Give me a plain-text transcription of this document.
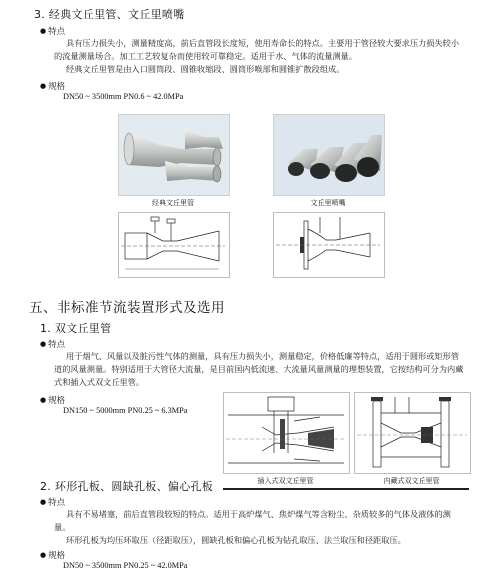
3. 经典文丘里管、文丘里喷嘴
● 特点
具有压力损失小，测量精度高，前后直管段长度短，使用寿命长的特点。主要用于管径较大要求压力损失较小的流量测量场合。加工工艺较复杂而使用较可靠稳定。适用于水、气体的流量测量。
经典文丘里管是由入口圆筒段、圆锥收缩段、圆筒形喉部和圆锥扩散段组成。
● 规格
DN50 ~ 3500mm PN0.6 ~ 42.0MPa
经典文丘里管	文丘里喷嘴
五、非标准节流装置形式及选用
1. 双文丘里管
● 特点
用于烟气、风量以及脏污性气体的测量，具有压力损失小，测量稳定，价格低廉等特点，适用于圆形或矩形管道的风量测量。特别适用于大管径大流量，是目前国内低流速、大流量风量测量的理想装置，它按结构可分为内藏式和插入式双文丘里管。
● 规格
DN150 ~ 5000mm PN0.25 ~ 6.3MPa
插入式双文丘里管	内藏式双文丘里管
2. 环形孔板、圆缺孔板、偏心孔板
● 特点
具有不易堵塞，前后直管段较短的特点。适用于高炉煤气、焦炉煤气等含粉尘、杂质较多的气体及液体的测量。
环形孔板为均压环取压（径距取压），圆缺孔板和偏心孔板为钻孔取压、法兰取压和径距取压。
● 规格
DN50 ~ 3500mm PN0.25 ~ 42.0MPa
